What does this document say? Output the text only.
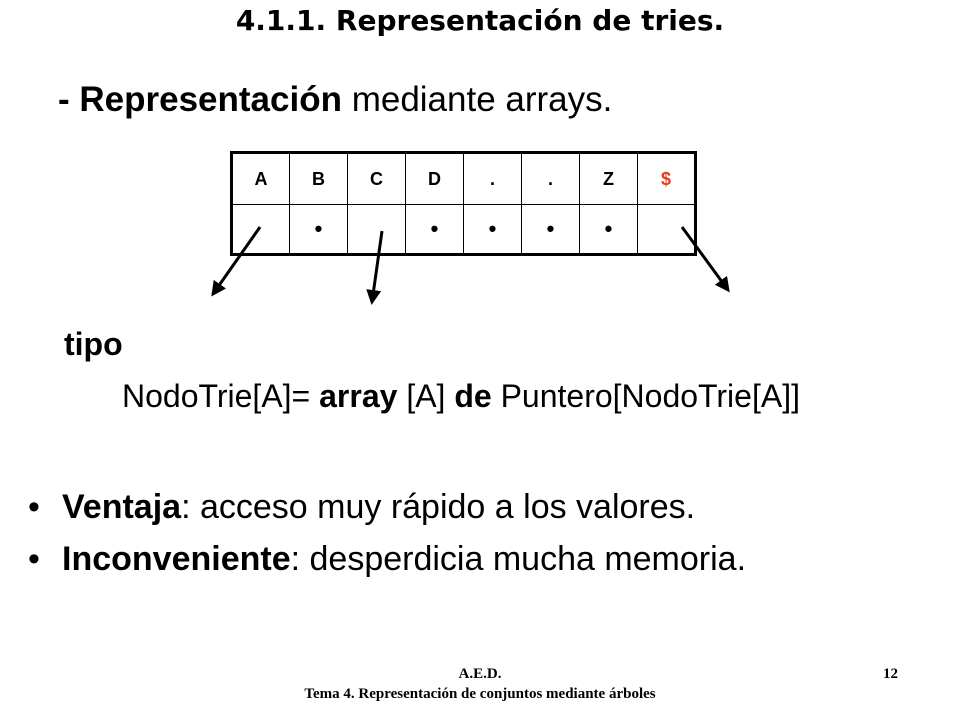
4.1.1. Representación de tries.
- Representación mediante arrays.
A	B	C	D	.	.	Z	$
	•		•	•	•	•	
tipo
NodoTrie[A]= array [A] de Puntero[NodoTrie[A]]
• Ventaja: acceso muy rápido a los valores.
• Inconveniente: desperdicia mucha memoria.
A.E.D.	12
Tema 4. Representación de conjuntos mediante árboles
